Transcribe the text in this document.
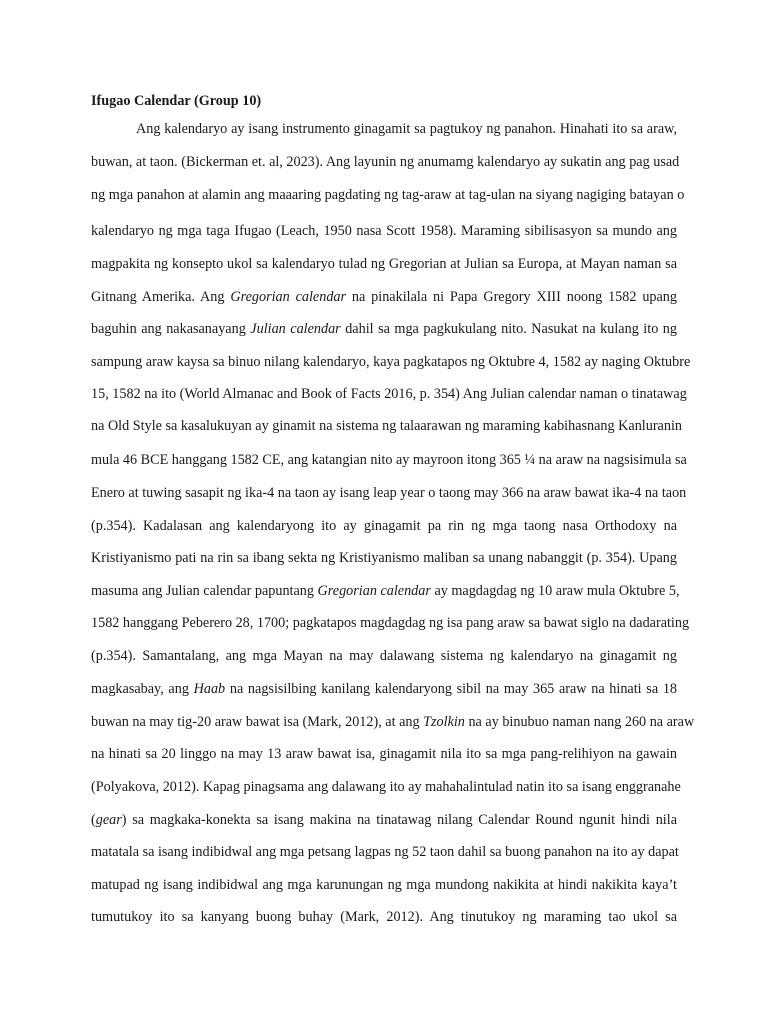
Ifugao Calendar (Group 10)
Ang kalendaryo ay isang instrumento ginagamit sa pagtukoy ng panahon. Hinahati ito sa araw,
buwan, at taon. (Bickerman et. al, 2023). Ang layunin ng anumamg kalendaryo ay sukatin ang pag usad
ng mga panahon at alamin ang maaaring pagdating ng tag-araw at tag-ulan na siyang nagiging batayan o
kalendaryo ng mga taga Ifugao (Leach, 1950 nasa Scott 1958). Maraming sibilisasyon sa mundo ang
magpakita ng konsepto ukol sa kalendaryo tulad ng Gregorian at Julian sa Europa, at Mayan naman sa
Gitnang Amerika. Ang Gregorian calendar na pinakilala ni Papa Gregory XIII noong 1582 upang
baguhin ang nakasanayang Julian calendar dahil sa mga pagkukulang nito. Nasukat na kulang ito ng
sampung araw kaysa sa binuo nilang kalendaryo, kaya pagkatapos ng Oktubre 4, 1582 ay naging Oktubre
15, 1582 na ito (World Almanac and Book of Facts 2016, p. 354) Ang Julian calendar naman o tinatawag
na Old Style sa kasalukuyan ay ginamit na sistema ng talaarawan ng maraming kabihasnang Kanluranin
mula 46 BCE hanggang 1582 CE, ang katangian nito ay mayroon itong 365 ¼ na araw na nagsisimula sa
Enero at tuwing sasapit ng ika-4 na taon ay isang leap year o taong may 366 na araw bawat ika-4 na taon
(p.354). Kadalasan ang kalendaryong ito ay ginagamit pa rin ng mga taong nasa Orthodoxy na
Kristiyanismo pati na rin sa ibang sekta ng Kristiyanismo maliban sa unang nabanggit (p. 354). Upang
masuma ang Julian calendar papuntang Gregorian calendar ay magdagdag ng 10 araw mula Oktubre 5,
1582 hanggang Peberero 28, 1700; pagkatapos magdagdag ng isa pang araw sa bawat siglo na dadarating
(p.354). Samantalang, ang mga Mayan na may dalawang sistema ng kalendaryo na ginagamit ng
magkasabay, ang Haab na nagsisilbing kanilang kalendaryong sibil na may 365 araw na hinati sa 18
buwan na may tig-20 araw bawat isa (Mark, 2012), at ang Tzolkin na ay binubuo naman nang 260 na araw
na hinati sa 20 linggo na may 13 araw bawat isa, ginagamit nila ito sa mga pang-relihiyon na gawain
(Polyakova, 2012). Kapag pinagsama ang dalawang ito ay mahahalintulad natin ito sa isang enggranahe
(gear) sa magkaka-konekta sa isang makina na tinatawag nilang Calendar Round ngunit hindi nila
matatala sa isang indibidwal ang mga petsang lagpas ng 52 taon dahil sa buong panahon na ito ay dapat
matupad ng isang indibidwal ang mga karunungan ng mga mundong nakikita at hindi nakikita kaya’t
tumutukoy ito sa kanyang buong buhay (Mark, 2012). Ang tinutukoy ng maraming tao ukol sa
